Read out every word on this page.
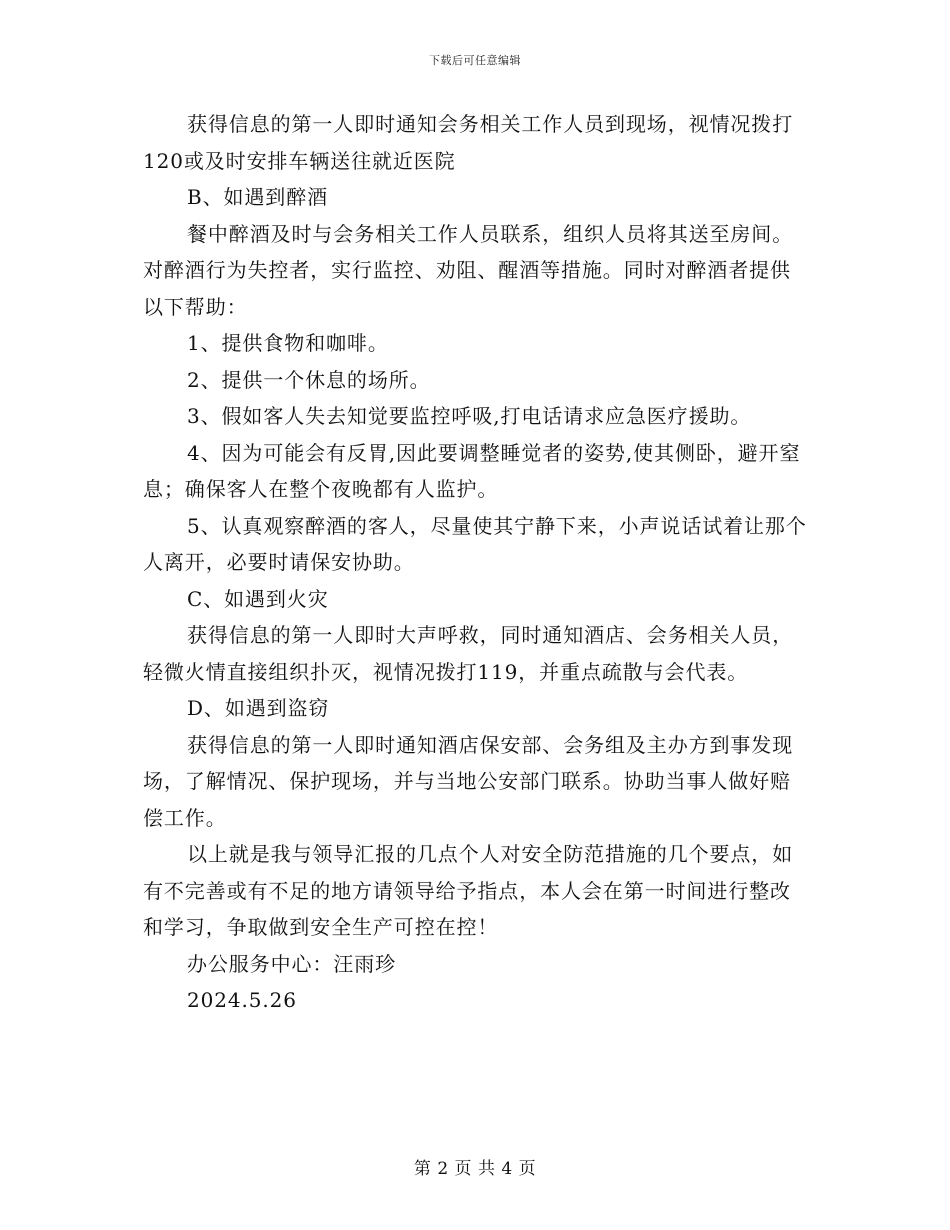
下载后可任意编辑

获得信息的第一人即时通知会务相关工作人员到现场，视情况拨打120或及时安排车辆送往就近医院

B、如遇到醉酒

餐中醉酒及时与会务相关工作人员联系，组织人员将其送至房间。对醉酒行为失控者，实行监控、劝阻、醒酒等措施。同时对醉酒者提供以下帮助：

1、提供食物和咖啡。

2、提供一个休息的场所。

3、假如客人失去知觉要监控呼吸,打电话请求应急医疗援助。

4、因为可能会有反胃,因此要调整睡觉者的姿势,使其侧卧，避开窒息；确保客人在整个夜晚都有人监护。

5、认真观察醉酒的客人，尽量使其宁静下来，小声说话试着让那个人离开，必要时请保安协助。

C、如遇到火灾

获得信息的第一人即时大声呼救，同时通知酒店、会务相关人员，轻微火情直接组织扑灭，视情况拨打119，并重点疏散与会代表。

D、如遇到盗窃

获得信息的第一人即时通知酒店保安部、会务组及主办方到事发现场，了解情况、保护现场，并与当地公安部门联系。协助当事人做好赔偿工作。

以上就是我与领导汇报的几点个人对安全防范措施的几个要点，如有不完善或有不足的地方请领导给予指点，本人会在第一时间进行整改和学习，争取做到安全生产可控在控！

办公服务中心：汪雨珍

2024.5.26

第 2 页 共 4 页
